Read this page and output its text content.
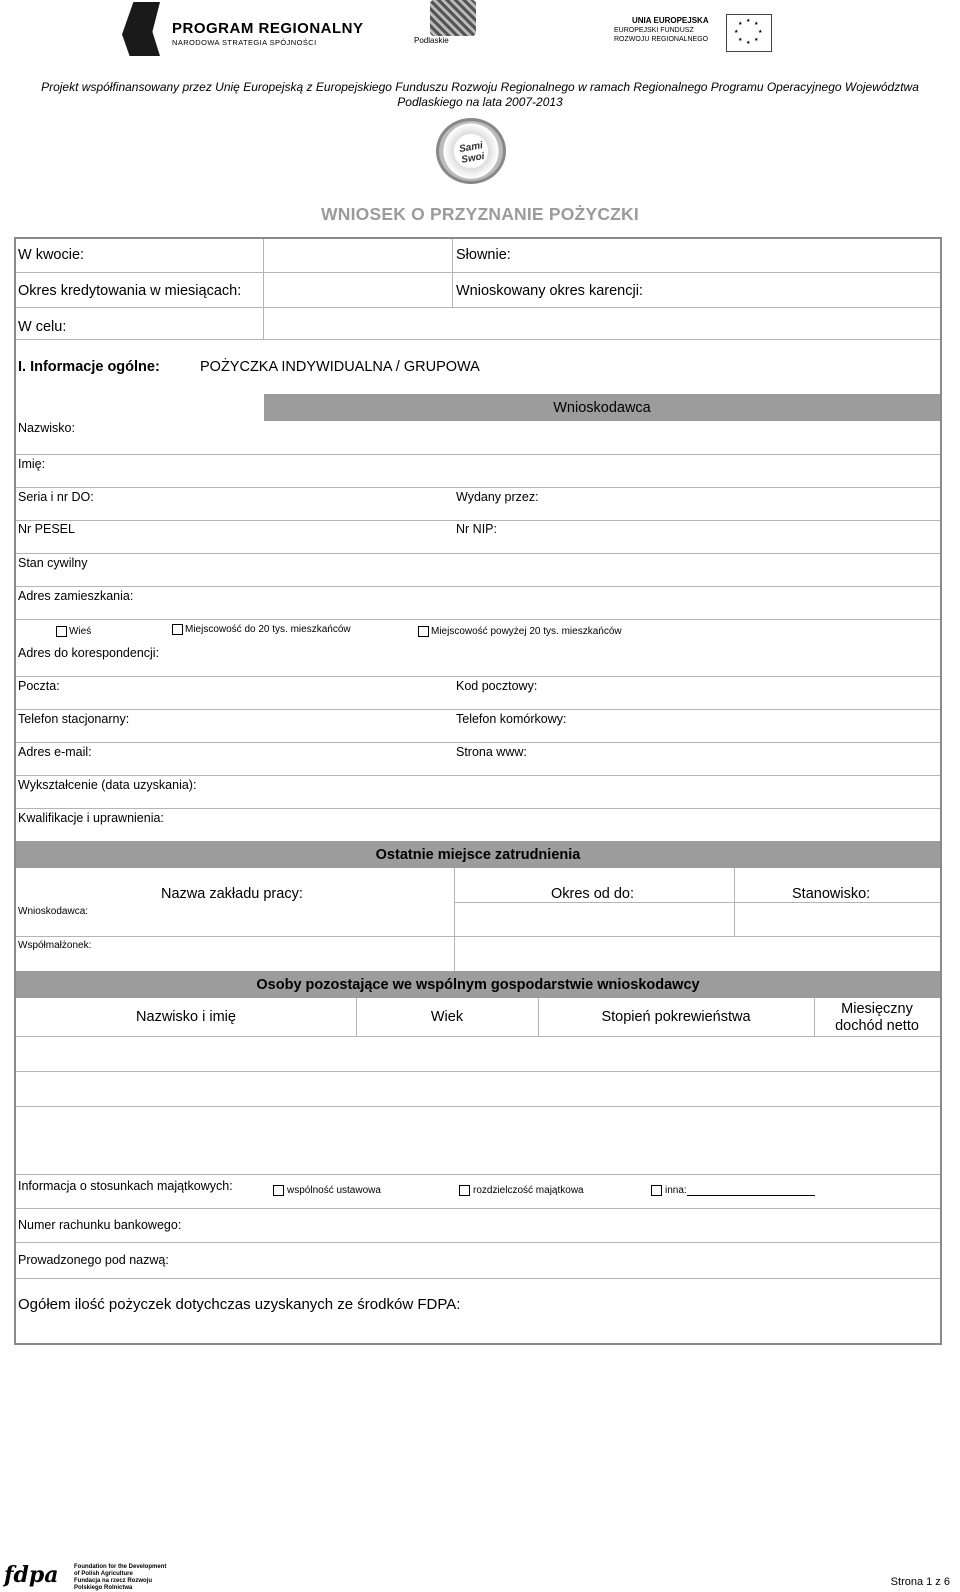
PROGRAM REGIONALNY
NARODOWA STRATEGIA SPÓJNOŚCI	Podlaskie
UNIA EUROPEJSKA
EUROPEJSKI FUNDUSZ
ROZWOJU REGIONALNEGO
★ ★
★
★
★
★
★
★
Projekt współfinansowany przez Unię Europejską z Europejskiego Funduszu Rozwoju Regionalnego w ramach Regionalnego Programu Operacyjnego Województwa
Podlaskiego na lata 2007-2013
Sami Swoi
WNIOSEK O PRZYZNANIE POŻYCZKI
W kwocie:	Słownie:
Okres kredytowania w miesiącach:	Wnioskowany okres karencji:
W celu:
I. Informacje ogólne:	POŻYCZKA INDYWIDUALNA / GRUPOWA
Wnioskodawca
Nazwisko:
Imię:
Seria i nr DO:	Wydany przez:
Nr PESEL	Nr NIP:
Stan cywilny
Adres zamieszkania:
Wieś	Miejscowość do 20 tys. mieszkańców	Miejscowość powyżej 20 tys. mieszkańców
Adres do korespondencji:
Poczta:	Kod pocztowy:
Telefon stacjonarny:	Telefon komórkowy:
Adres e-mail:	Strona www:
Wykształcenie (data uzyskania):
Kwalifikacje i uprawnienia:
Ostatnie miejsce zatrudnienia
Nazwa zakładu pracy:	Okres od do:	Stanowisko:
Wnioskodawca:
Współmałżonek:
Osoby pozostające we wspólnym gospodarstwie wnioskodawcy
Nazwisko i imię	Wiek	Stopień pokrewieństwa	Miesięczny
dochód netto
Informacja o stosunkach majątkowych:	wspólność ustawowa	rozdzielczość majątkowa	inna:
Numer rachunku bankowego:
Prowadzonego pod nazwą:
Ogółem ilość pożyczek dotychczas uzyskanych ze środków FDPA:
fdpa	Foundation for the Development
of Polish Agriculture
Fundacja na rzecz Rozwoju
Polskiego Rolnictwa	Strona 1 z 6
